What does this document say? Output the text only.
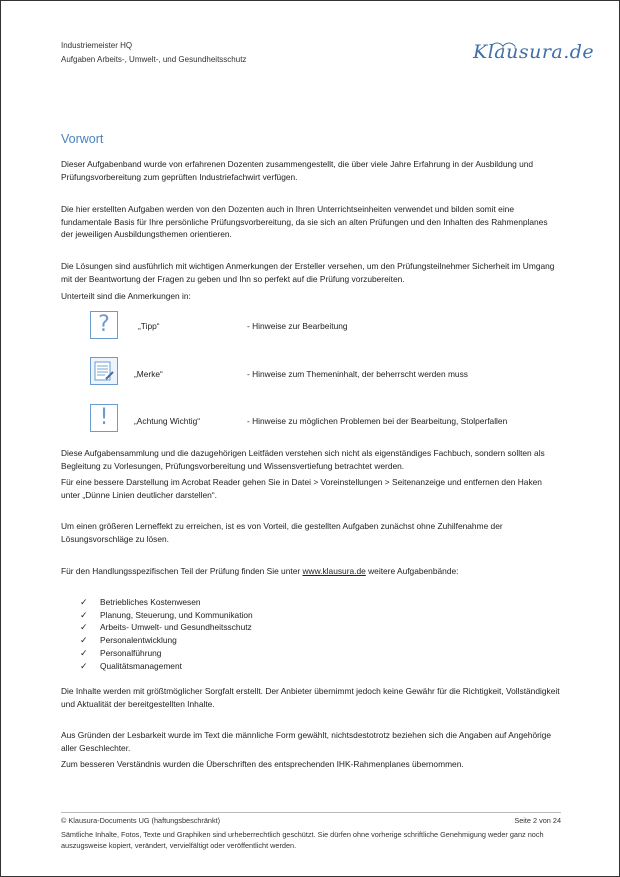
Industriemeister HQ
Aufgaben Arbeits-, Umwelt-, und Gesundheitsschutz	Klausura.de
Vorwort

Dieser Aufgabenband wurde von erfahrenen Dozenten zusammengestellt, die über viele Jahre Erfahrung in der Ausbildung und Prüfungsvorbereitung zum geprüften Industriefachwirt verfügen.

Die hier erstellten Aufgaben werden von den Dozenten auch in Ihren Unterrichtseinheiten verwendet und bilden somit eine fundamentale Basis für Ihre persönliche Prüfungsvorbereitung, da sie sich an alten Prüfungen und den Inhalten des Rahmenplanes der jeweiligen Ausbildungsthemen orientieren.

Die Lösungen sind ausführlich mit wichtigen Anmerkungen der Ersteller versehen, um den Prüfungsteilnehmer Sicherheit im Umgang mit der Beantwortung der Fragen zu geben und Ihn so perfekt auf die Prüfung vorzubereiten.

Unterteilt sind die Anmerkungen in:

?	„Tipp“	- Hinweise zur Bearbeitung
„Merke“	- Hinweise zum Themeninhalt, der beherrscht werden muss
!	„Achtung Wichtig“	- Hinweise zu möglichen Problemen bei der Bearbeitung, Stolperfallen

Diese Aufgabensammlung und die dazugehörigen Leitfäden verstehen sich nicht als eigenständiges Fachbuch, sondern sollten als Begleitung zu Vorlesungen, Prüfungsvorbereitung und Wissensvertiefung betrachtet werden.

Für eine bessere Darstellung im Acrobat Reader gehen Sie in Datei > Voreinstellungen > Seitenanzeige und entfernen den Haken unter „Dünne Linien deutlicher darstellen“.

Um einen größeren Lerneffekt zu erreichen, ist es von Vorteil, die gestellten Aufgaben zunächst ohne Zuhilfenahme der Lösungsvorschläge zu lösen.

Für den Handlungsspezifischen Teil der Prüfung finden Sie unter www.klausura.de weitere Aufgabenbände:

✓ Betriebliches Kostenwesen
✓ Planung, Steuerung, und Kommunikation
✓ Arbeits- Umwelt- und Gesundheitsschutz
✓ Personalentwicklung
✓ Personalführung
✓ Qualitätsmanagement

Die Inhalte werden mit größtmöglicher Sorgfalt erstellt. Der Anbieter übernimmt jedoch keine Gewähr für die Richtigkeit, Vollständigkeit und Aktualität der bereitgestellten Inhalte.

Aus Gründen der Lesbarkeit wurde im Text die männliche Form gewählt, nichtsdestotrotz beziehen sich die Angaben auf Angehörige aller Geschlechter.

Zum besseren Verständnis wurden die Überschriften des entsprechenden IHK-Rahmenplanes übernommen.

© Klausura-Documents UG (haftungsbeschränkt)	Seite 2 von 24
Sämtliche Inhalte, Fotos, Texte und Graphiken sind urheberrechtlich geschützt. Sie dürfen ohne vorherige schriftliche Genehmigung weder ganz noch auszugsweise kopiert, verändert, vervielfältigt oder veröffentlicht werden.
